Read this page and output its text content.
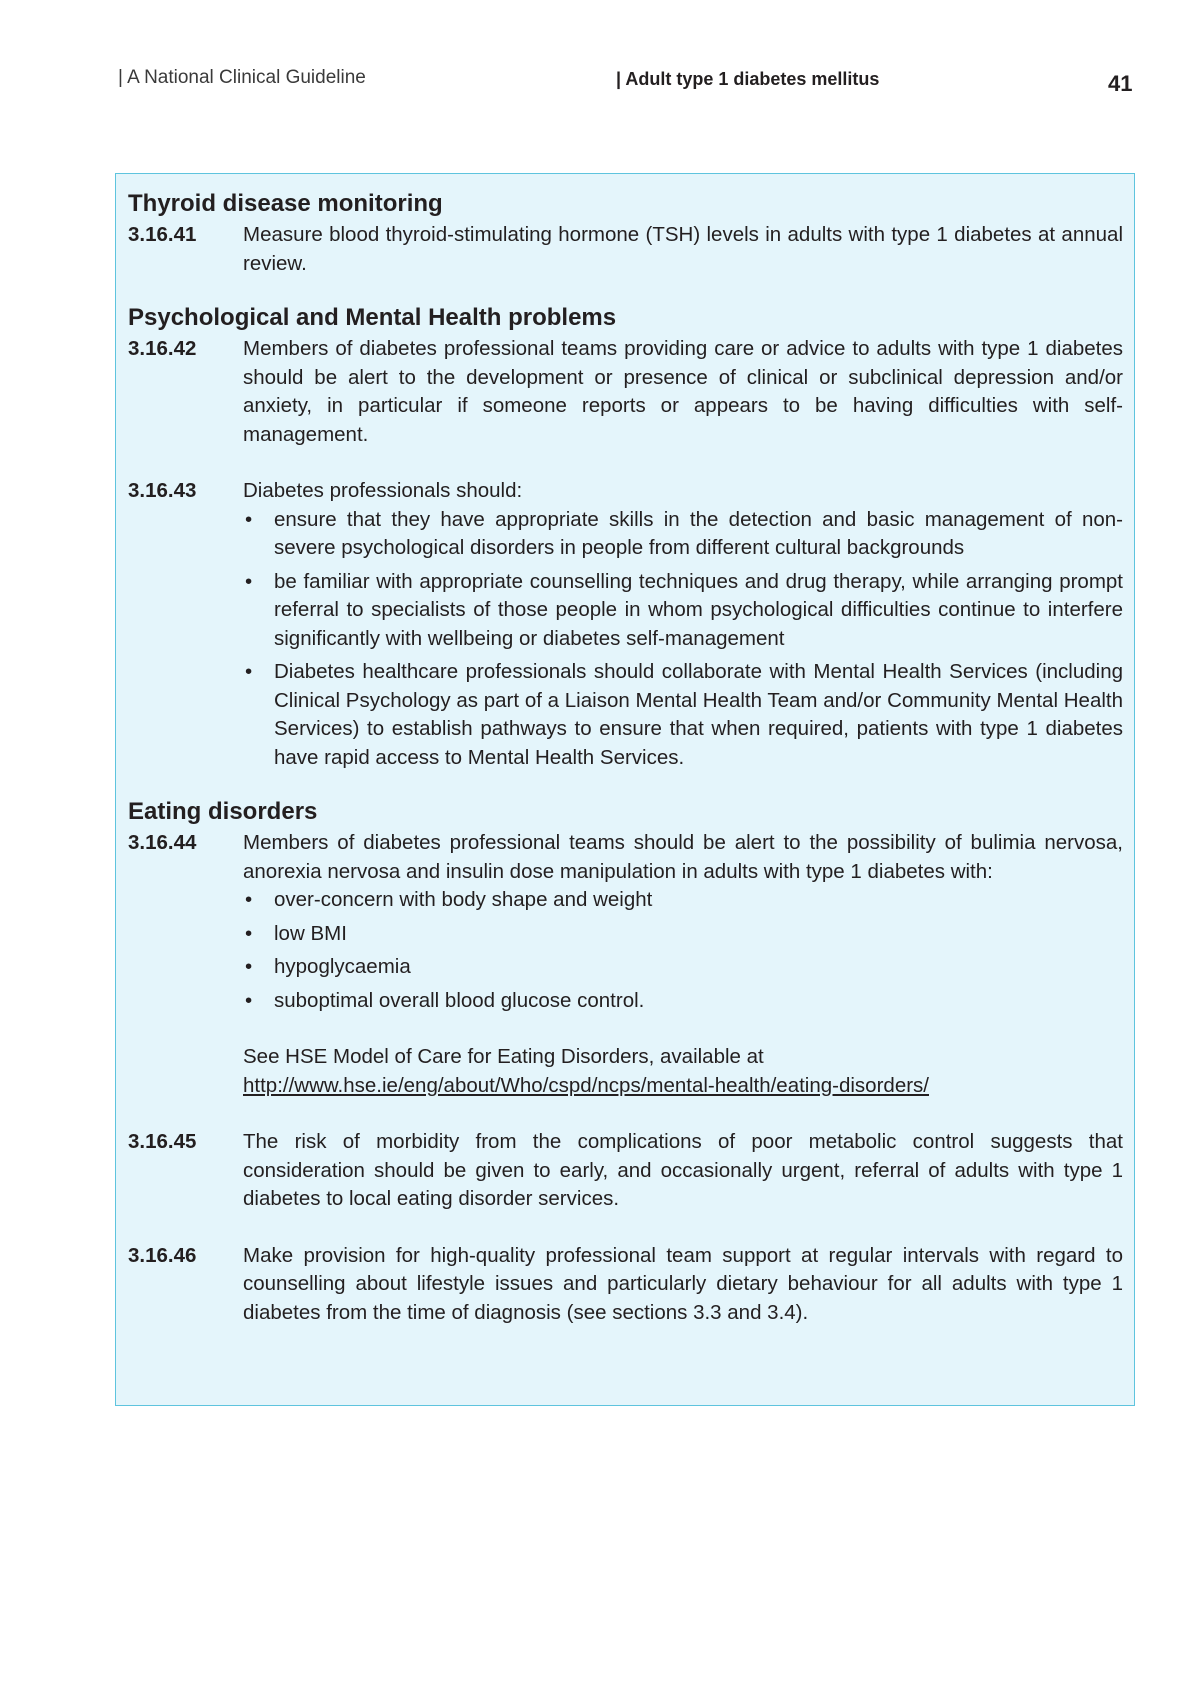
| A National Clinical Guideline	| Adult type 1 diabetes mellitus	41
Thyroid disease monitoring
3.16.41	Measure blood thyroid-stimulating hormone (TSH) levels in adults with type 1 diabetes at annual review.
Psychological and Mental Health problems
3.16.42	Members of diabetes professional teams providing care or advice to adults with type 1 diabetes should be alert to the development or presence of clinical or subclinical depression and/or anxiety, in particular if someone reports or appears to be having difficulties with self-management.
3.16.43	Diabetes professionals should:

•	ensure that they have appropriate skills in the detection and basic management of non-severe psychological disorders in people from different cultural backgrounds
•	be familiar with appropriate counselling techniques and drug therapy, while arranging prompt referral to specialists of those people in whom psychological difficulties continue to interfere significantly with wellbeing or diabetes self-management
•	Diabetes healthcare professionals should collaborate with Mental Health Services (including Clinical Psychology as part of a Liaison Mental Health Team and/or Community Mental Health Services) to establish pathways to ensure that when required, patients with type 1 diabetes have rapid access to Mental Health Services.
Eating disorders
3.16.44	Members of diabetes professional teams should be alert to the possibility of bulimia nervosa, anorexia nervosa and insulin dose manipulation in adults with type 1 diabetes with:

•	over-concern with body shape and weight
•	low BMI
•	hypoglycaemia
•	suboptimal overall blood glucose control.

See HSE Model of Care for Eating Disorders, available at http://www.hse.ie/eng/about/Who/cspd/ncps/mental-health/eating-disorders/

3.16.45	The risk of morbidity from the complications of poor metabolic control suggests that consideration should be given to early, and occasionally urgent, referral of adults with type 1 diabetes to local eating disorder services.
3.16.46	Make provision for high-quality professional team support at regular intervals with regard to counselling about lifestyle issues and particularly dietary behaviour for all adults with type 1 diabetes from the time of diagnosis (see sections 3.3 and 3.4).
